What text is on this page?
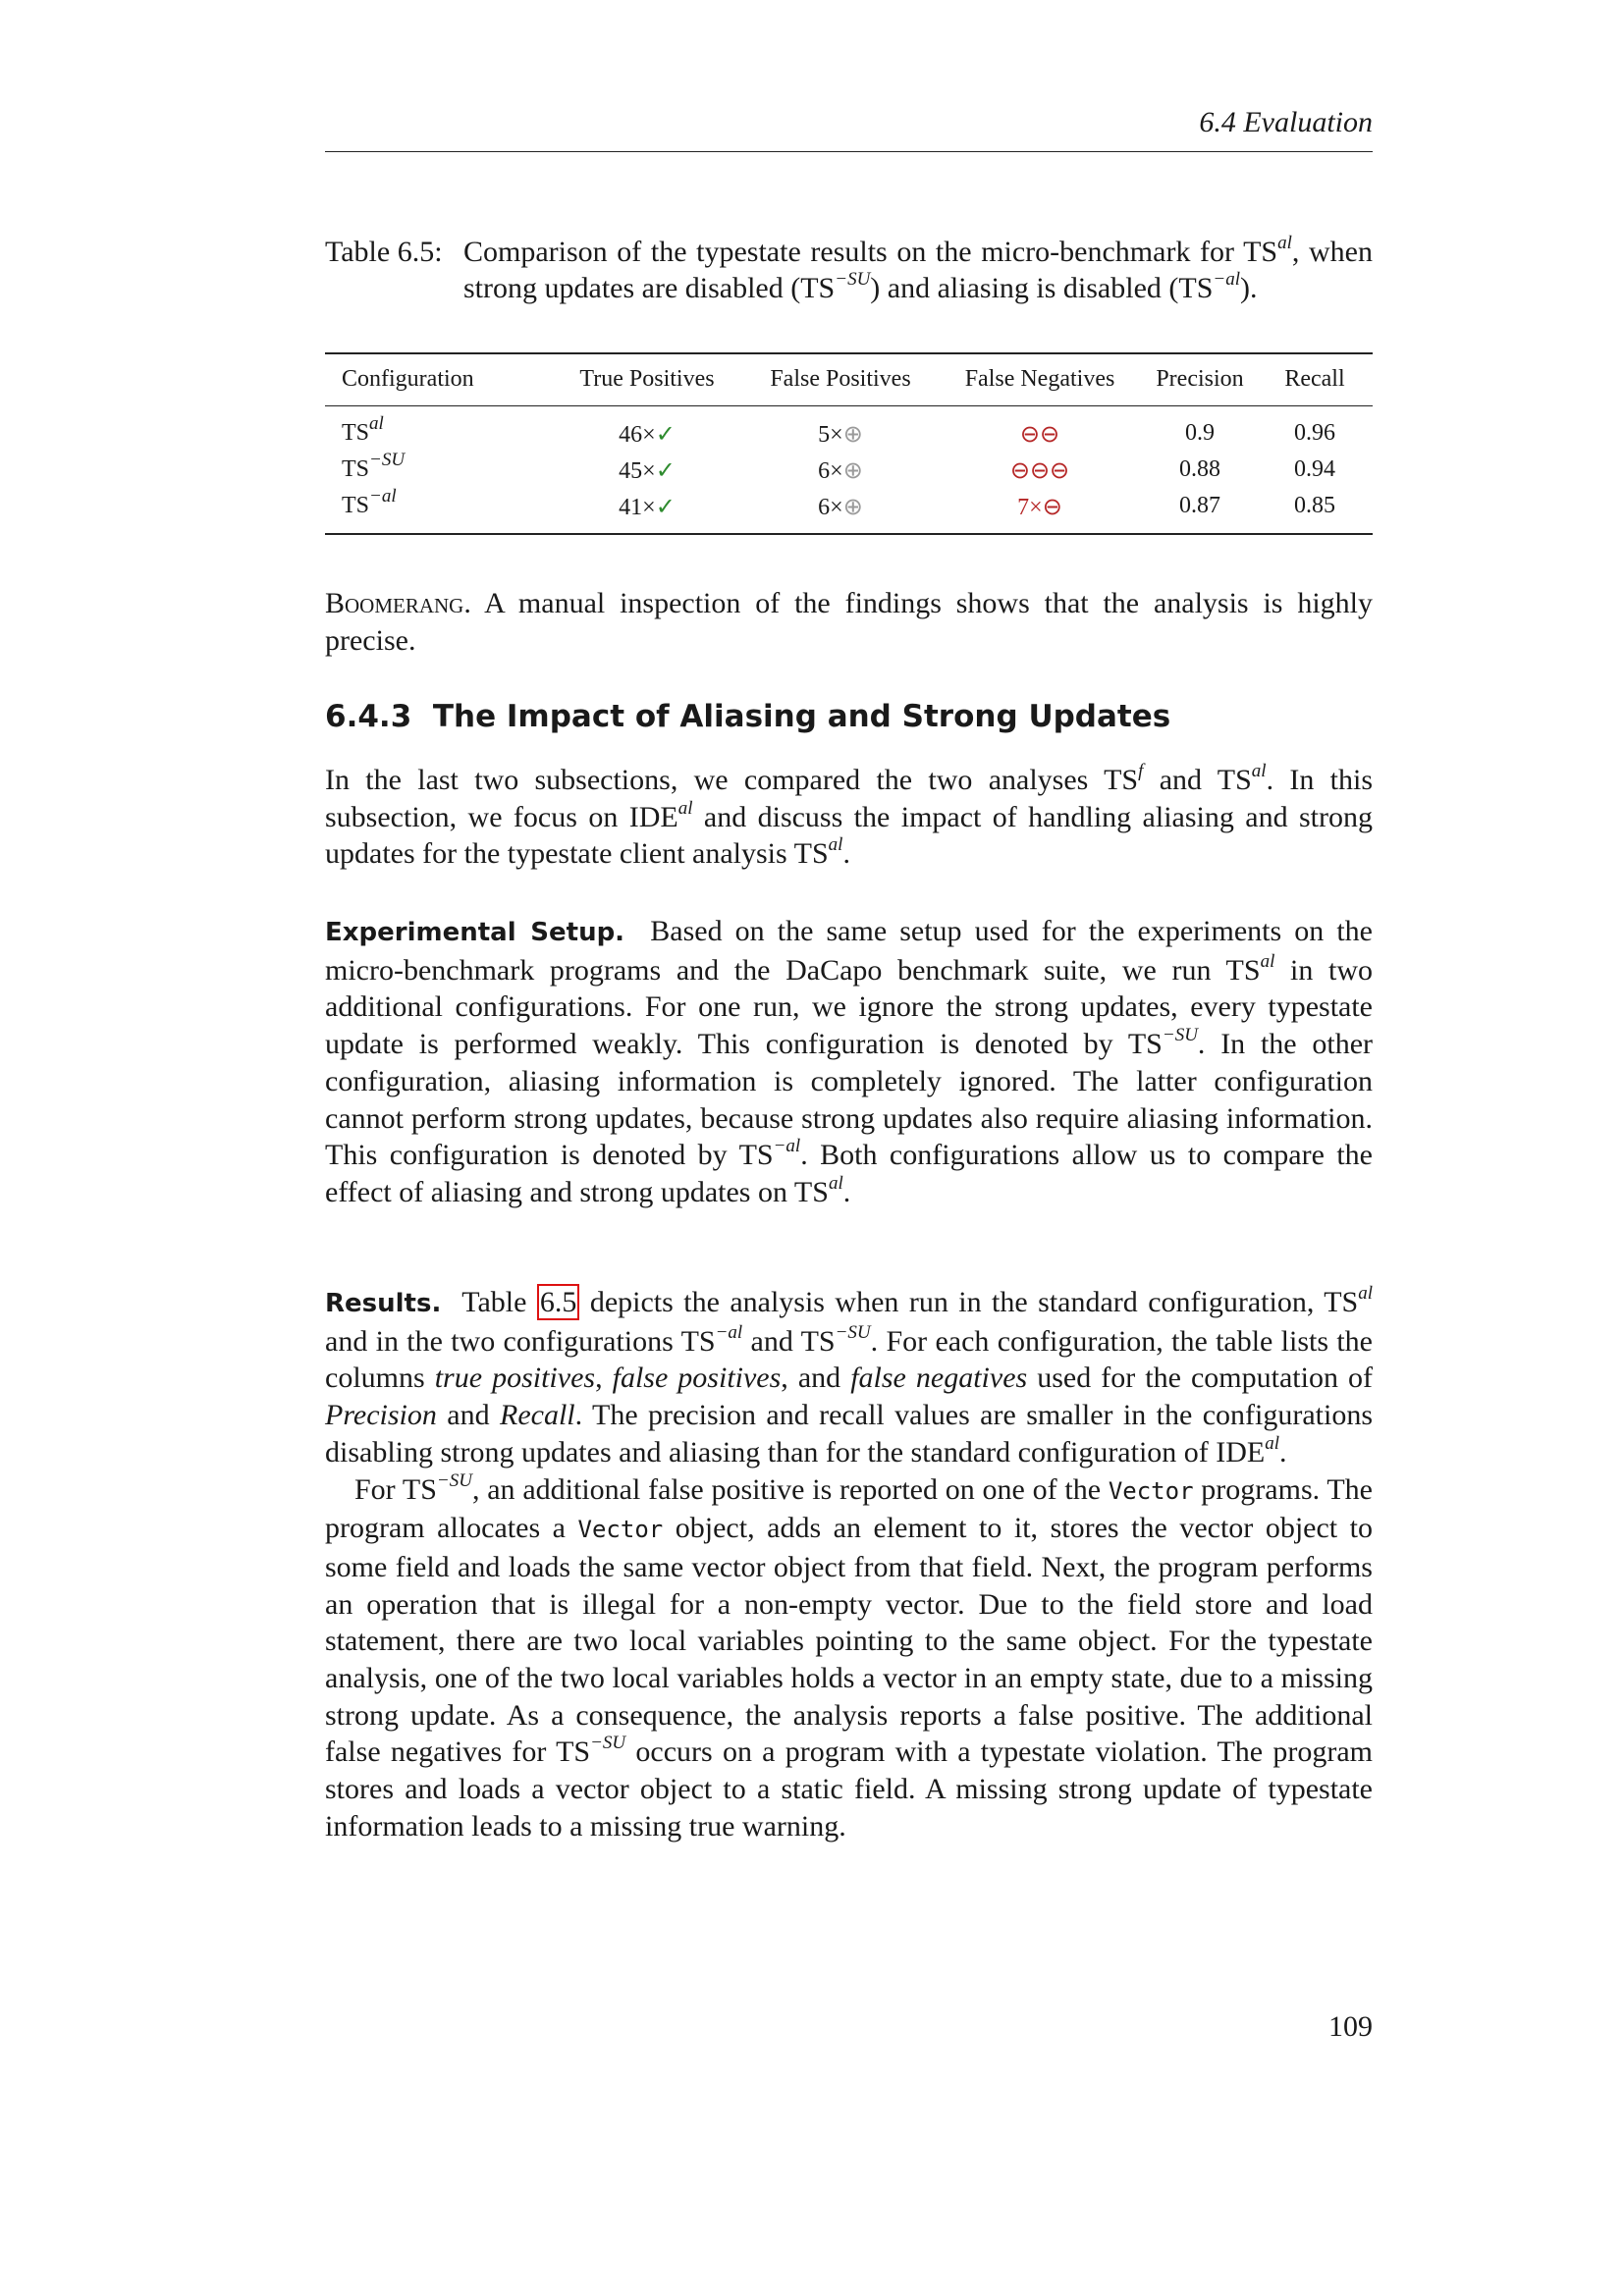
6.4 Evaluation
Table 6.5: Comparison of the typestate results on the micro-benchmark for $TS^{al}$, when strong updates are disabled $(TS^{-SU})$ and aliasing is disabled $(TS^{-al})$.
Configuration	True Positives	False Positives	False Negatives	Precision	Recall
$TS^{al}$	46×✓	5×⊕	⊖⊖	0.9	0.96
$TS^{-SU}$	45×✓	6×⊕	⊖⊖⊖	0.88	0.94
$TS^{-al}$	41×✓	6×⊕	7×⊖	0.87	0.85
Boomerang. A manual inspection of the findings shows that the analysis is highly precise.
6.4.3 The Impact of Aliasing and Strong Updates
In the last two subsections, we compared the two analyses $TS^f$ and $TS^{al}$. In this subsection, we focus on $IDE^{al}$ and discuss the impact of handling aliasing and strong updates for the typestate client analysis $TS^{al}$.
Experimental Setup. Based on the same setup used for the experiments on the micro-benchmark programs and the DaCapo benchmark suite, we run $TS^{al}$ in two additional configurations. For one run, we ignore the strong updates, every typestate update is performed weakly. This configuration is denoted by $TS^{-SU}$. In the other configuration, aliasing information is completely ignored. The latter configuration cannot perform strong updates, because strong updates also require aliasing information. This configuration is denoted by $TS^{-al}$. Both configurations allow us to compare the effect of aliasing and strong updates on $TS^{al}$.
Results. Table 6.5 depicts the analysis when run in the standard configuration, $TS^{al}$ and in the two configurations $TS^{-al}$ and $TS^{-SU}$. For each configuration, the table lists the columns true positives, false positives, and false negatives used for the computation of Precision and Recall. The precision and recall values are smaller in the configurations disabling strong updates and aliasing than for the standard configuration of $IDE^{al}$.
For $TS^{-SU}$, an additional false positive is reported on one of the Vector programs. The program allocates a Vector object, adds an element to it, stores the vector object to some field and loads the same vector object from that field. Next, the program performs an operation that is illegal for a non-empty vector. Due to the field store and load statement, there are two local variables pointing to the same object. For the typestate analysis, one of the two local variables holds a vector in an empty state, due to a missing strong update. As a consequence, the analysis reports a false positive. The additional false negatives for $TS^{-SU}$ occurs on a program with a typestate violation. The program stores and loads a vector object to a static field. A missing strong update of typestate information leads to a missing true warning.
109
